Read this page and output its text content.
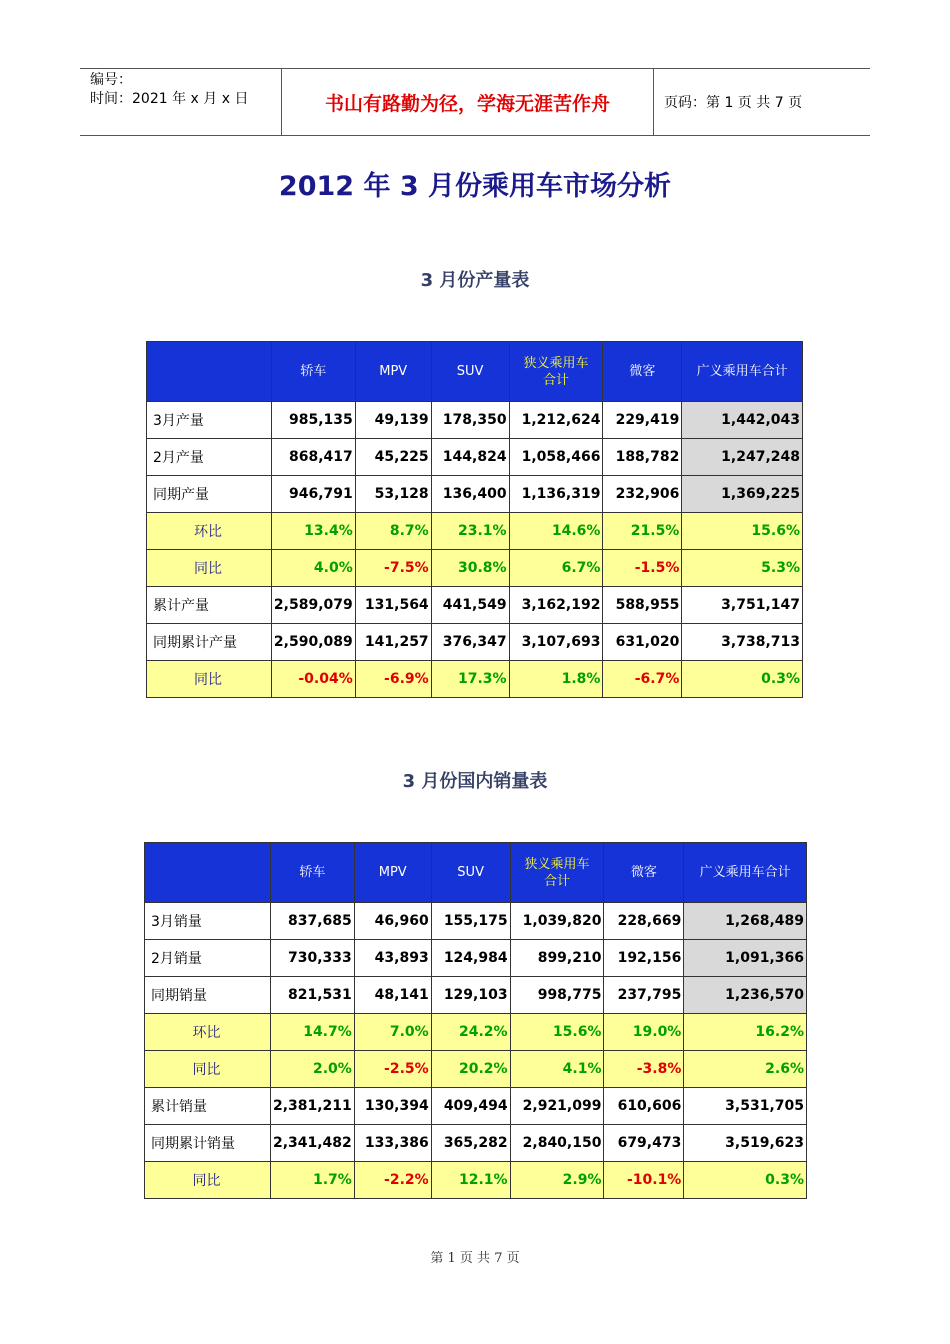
编号：
时间：2021 年 x 月 x 日	书山有路勤为径，学海无涯苦作舟	页码：第 1 页 共 7 页
2012 年 3 月份乘用车市场分析
3 月份产量表
	轿车	MPV	SUV	狭义乘用车合计	微客	广义乘用车合计
3月产量	985,135	49,139	178,350	1,212,624	229,419	1,442,043
2月产量	868,417	45,225	144,824	1,058,466	188,782	1,247,248
同期产量	946,791	53,128	136,400	1,136,319	232,906	1,369,225
环比	13.4%	8.7%	23.1%	14.6%	21.5%	15.6%
同比	4.0%	-7.5%	30.8%	6.7%	-1.5%	5.3%
累计产量	2,589,079	131,564	441,549	3,162,192	588,955	3,751,147
同期累计产量	2,590,089	141,257	376,347	3,107,693	631,020	3,738,713
同比	-0.04%	-6.9%	17.3%	1.8%	-6.7%	0.3%
3 月份国内销量表
	轿车	MPV	SUV	狭义乘用车合计	微客	广义乘用车合计
3月销量	837,685	46,960	155,175	1,039,820	228,669	1,268,489
2月销量	730,333	43,893	124,984	899,210	192,156	1,091,366
同期销量	821,531	48,141	129,103	998,775	237,795	1,236,570
环比	14.7%	7.0%	24.2%	15.6%	19.0%	16.2%
同比	2.0%	-2.5%	20.2%	4.1%	-3.8%	2.6%
累计销量	2,381,211	130,394	409,494	2,921,099	610,606	3,531,705
同期累计销量	2,341,482	133,386	365,282	2,840,150	679,473	3,519,623
同比	1.7%	-2.2%	12.1%	2.9%	-10.1%	0.3%
第 1 页 共 7 页
